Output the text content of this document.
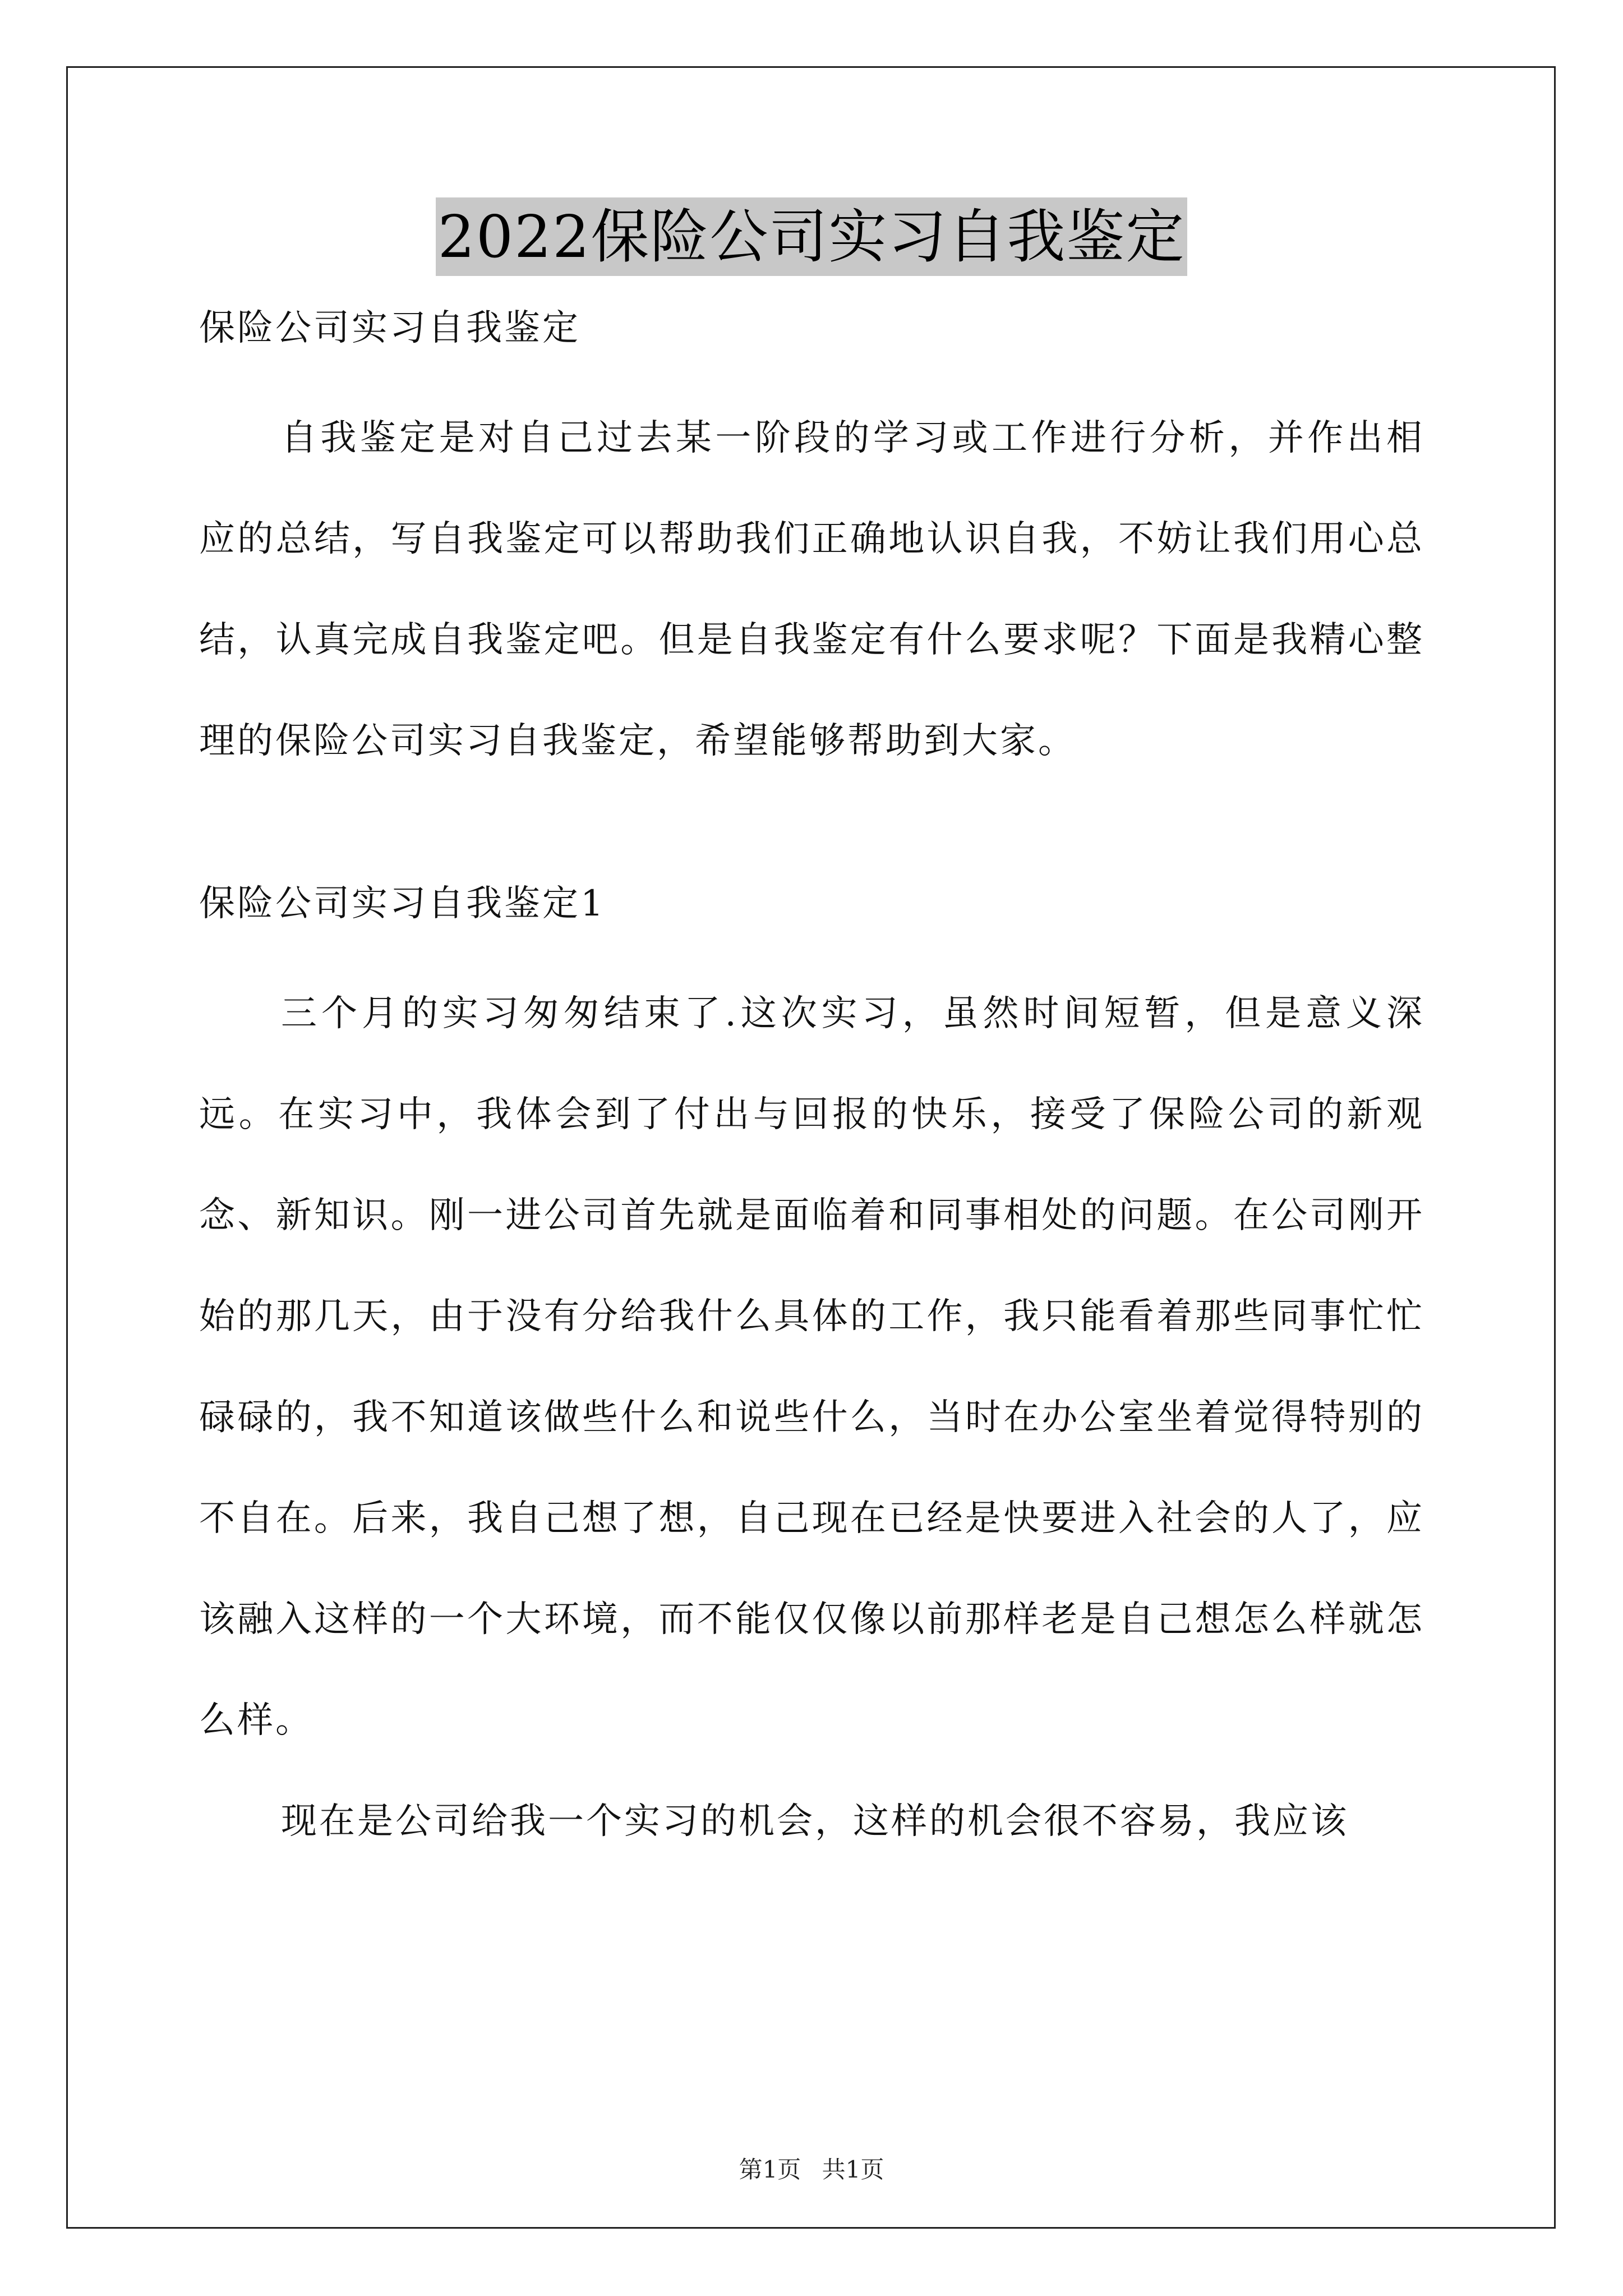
2022保险公司实习自我鉴定

保险公司实习自我鉴定

自我鉴定是对自己过去某一阶段的学习或工作进行分析，并作出相应的总结，写自我鉴定可以帮助我们正确地认识自我，不妨让我们用心总结，认真完成自我鉴定吧。但是自我鉴定有什么要求呢？下面是我精心整理的保险公司实习自我鉴定，希望能够帮助到大家。

保险公司实习自我鉴定1

三个月的实习匆匆结束了.这次实习，虽然时间短暂，但是意义深远。在实习中，我体会到了付出与回报的快乐，接受了保险公司的新观念、新知识。刚一进公司首先就是面临着和同事相处的问题。在公司刚开始的那几天，由于没有分给我什么具体的工作，我只能看着那些同事忙忙碌碌的，我不知道该做些什么和说些什么，当时在办公室坐着觉得特别的不自在。后来，我自己想了想，自己现在已经是快要进入社会的人了，应该融入这样的一个大环境，而不能仅仅像以前那样老是自己想怎么样就怎么样。

现在是公司给我一个实习的机会，这样的机会很不容易，我应该

第1页 共1页
